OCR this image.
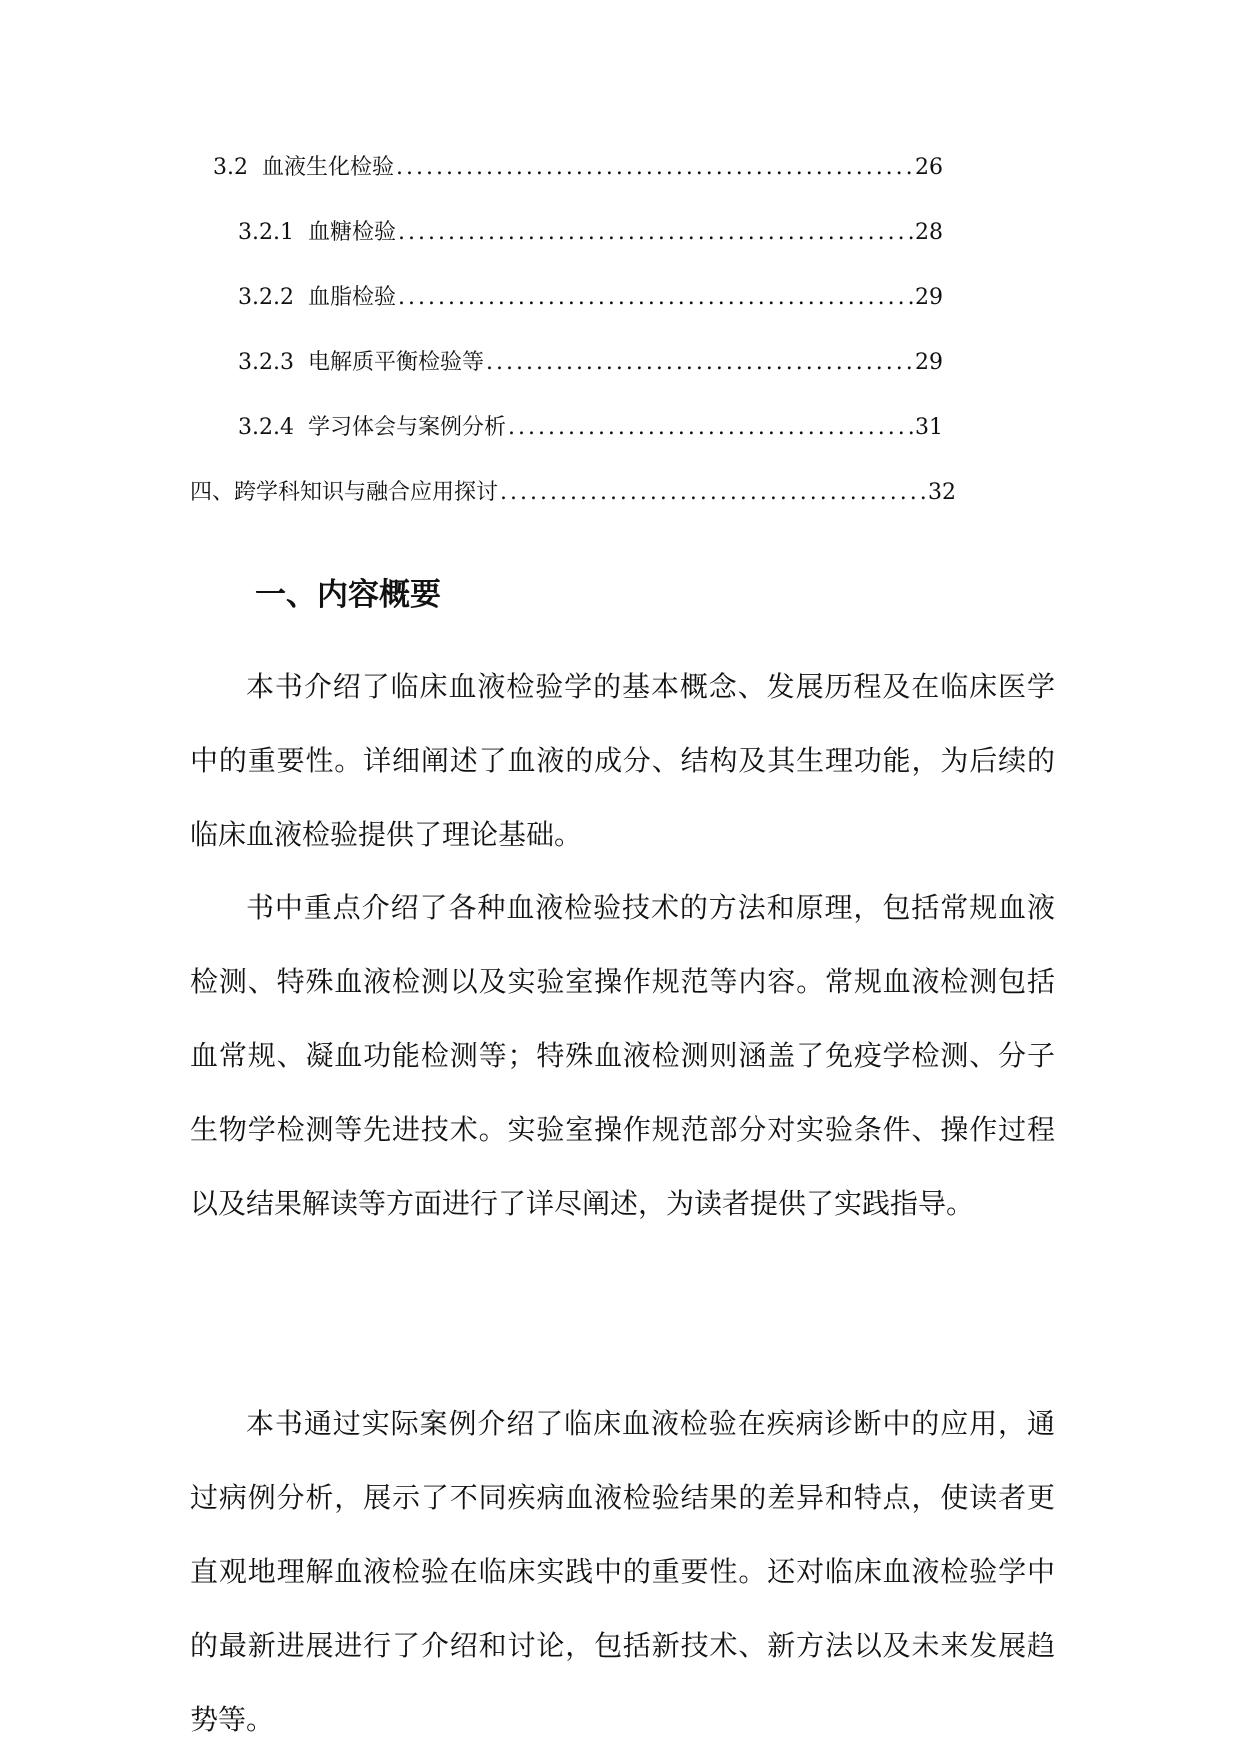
3.2 血液生化检验 .....	26
3.2.1 血糖检验 .....	28
3.2.2 血脂检验 .....	29
3.2.3 电解质平衡检验等 .....	29
3.2.4 学习体会与案例分析 .....	31
四、跨学科知识与融合应用探讨 .....	32
一、内容概要

本书介绍了临床血液检验学的基本概念、发展历程及在临床医学中的重要性。详细阐述了血液的成分、结构及其生理功能，为后续的临床血液检验提供了理论基础。

书中重点介绍了各种血液检验技术的方法和原理，包括常规血液检测、特殊血液检测以及实验室操作规范等内容。常规血液检测包括血常规、凝血功能检测等；特殊血液检测则涵盖了免疫学检测、分子生物学检测等先进技术。实验室操作规范部分对实验条件、操作过程以及结果解读等方面进行了详尽阐述，为读者提供了实践指导。

本书通过实际案例介绍了临床血液检验在疾病诊断中的应用，通过病例分析，展示了不同疾病血液检验结果的差异和特点，使读者更直观地理解血液检验在临床实践中的重要性。还对临床血液检验学中的最新进展进行了介绍和讨论，包括新技术、新方法以及未来发展趋势等。
